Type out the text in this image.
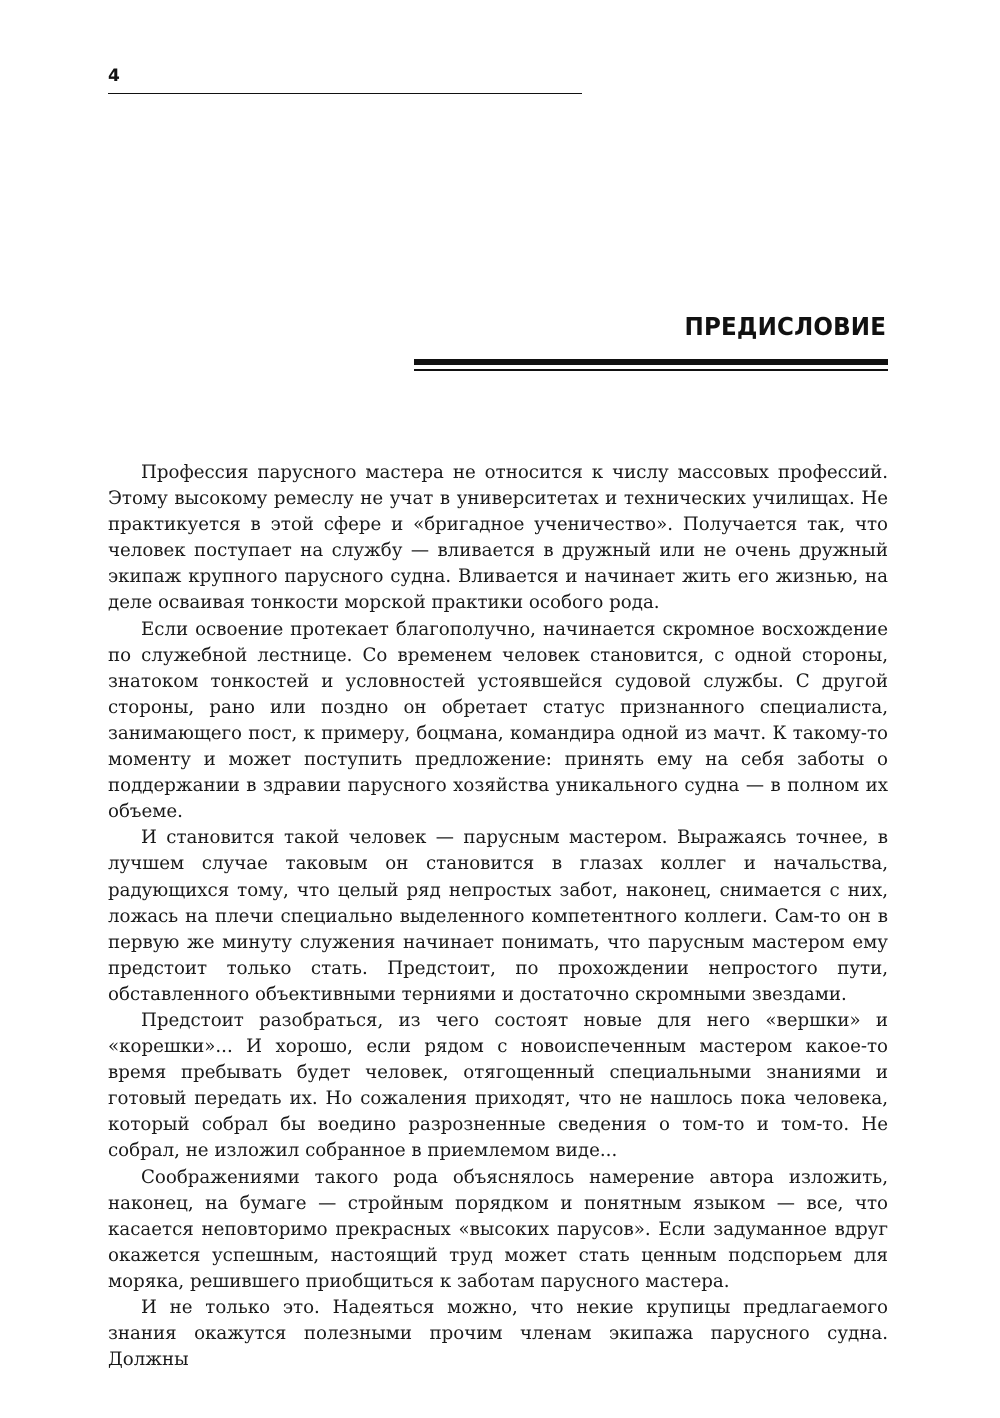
4
ПРЕДИСЛОВИЕ

Профессия парусного мастера не относится к числу массовых профессий. Этому высокому ремеслу не учат в университетах и технических училищах. Не практикуется в этой сфере и «бригадное ученичество». Получается так, что человек поступает на службу — вливается в дружный или не очень дружный экипаж крупного парусного судна. Вливается и начинает жить его жизнью, на деле осваивая тонкости морской практики особого рода.

Если освоение протекает благополучно, начинается скромное восхождение по служебной лестнице. Со временем человек становится, с одной стороны, знатоком тонкостей и условностей устоявшейся судовой службы. С другой стороны, рано или поздно он обретает статус признанного специалиста, занимающего пост, к примеру, боцмана, командира одной из мачт. К такому-то моменту и может поступить предложение: принять ему на себя заботы о поддержании в здравии парусного хозяйства уникального судна — в полном их объеме.

И становится такой человек — парусным мастером. Выражаясь точнее, в лучшем случае таковым он становится в глазах коллег и начальства, радующихся тому, что целый ряд непростых забот, наконец, снимается с них, ложась на плечи специально выделенного компетентного коллеги. Сам-то он в первую же минуту служения начинает понимать, что парусным мастером ему предстоит только стать. Предстоит, по прохождении непростого пути, обставленного объективными терниями и достаточно скромными звездами.

Предстоит разобраться, из чего состоят новые для него «вершки» и «корешки»... И хорошо, если рядом с новоиспеченным мастером какое-то время пребывать будет человек, отягощенный специальными знаниями и готовый передать их. Но сожаления приходят, что не нашлось пока человека, который собрал бы воедино разрозненные сведения о том-то и том-то. Не собрал, не изложил собранное в приемлемом виде...

Соображениями такого рода объяснялось намерение автора изложить, наконец, на бумаге — стройным порядком и понятным языком — все, что касается неповторимо прекрасных «высоких парусов». Если задуманное вдруг окажется успешным, настоящий труд может стать ценным подспорьем для моряка, решившего приобщиться к заботам парусного мастера.

И не только это. Надеяться можно, что некие крупицы предлагаемого знания окажутся полезными прочим членам экипажа парусного судна. Должны
